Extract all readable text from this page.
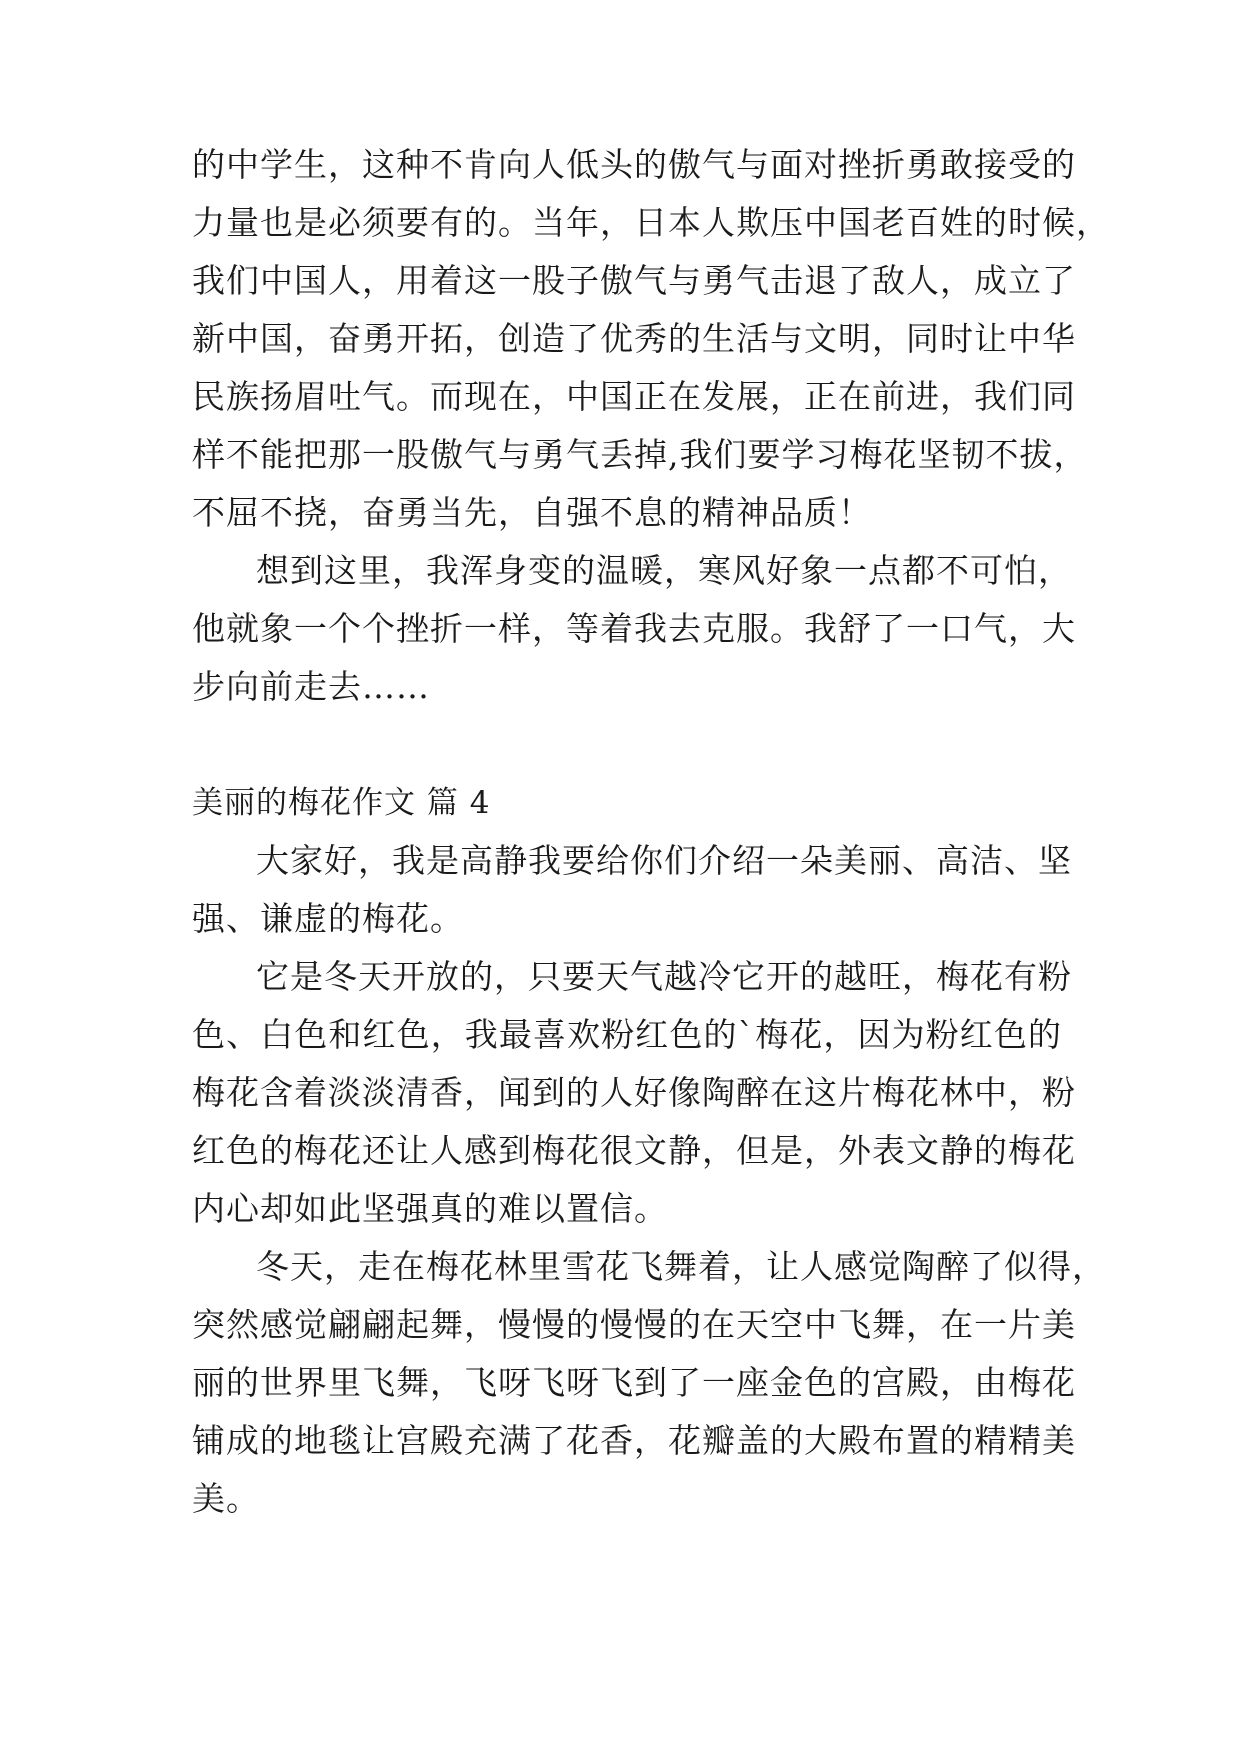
的中学生，这种不肯向人低头的傲气与面对挫折勇敢接受的
力量也是必须要有的。当年，日本人欺压中国老百姓的时候，
我们中国人，用着这一股子傲气与勇气击退了敌人，成立了
新中国，奋勇开拓，创造了优秀的生活与文明，同时让中华
民族扬眉吐气。而现在，中国正在发展，正在前进，我们同
样不能把那一股傲气与勇气丢掉,我们要学习梅花坚韧不拔，
不屈不挠，奋勇当先，自强不息的精神品质！
想到这里，我浑身变的温暖，寒风好象一点都不可怕，
他就象一个个挫折一样，等着我去克服。我舒了一口气，大
步向前走去……
美丽的梅花作文 篇 4
大家好，我是高静我要给你们介绍一朵美丽、高洁、坚
强、谦虚的梅花。
它是冬天开放的，只要天气越冷它开的越旺，梅花有粉
色、白色和红色，我最喜欢粉红色的`梅花，因为粉红色的
梅花含着淡淡清香，闻到的人好像陶醉在这片梅花林中，粉
红色的梅花还让人感到梅花很文静，但是，外表文静的梅花
内心却如此坚强真的难以置信。
冬天，走在梅花林里雪花飞舞着，让人感觉陶醉了似得，
突然感觉翩翩起舞，慢慢的慢慢的在天空中飞舞，在一片美
丽的世界里飞舞，飞呀飞呀飞到了一座金色的宫殿，由梅花
铺成的地毯让宫殿充满了花香，花瓣盖的大殿布置的精精美
美。
